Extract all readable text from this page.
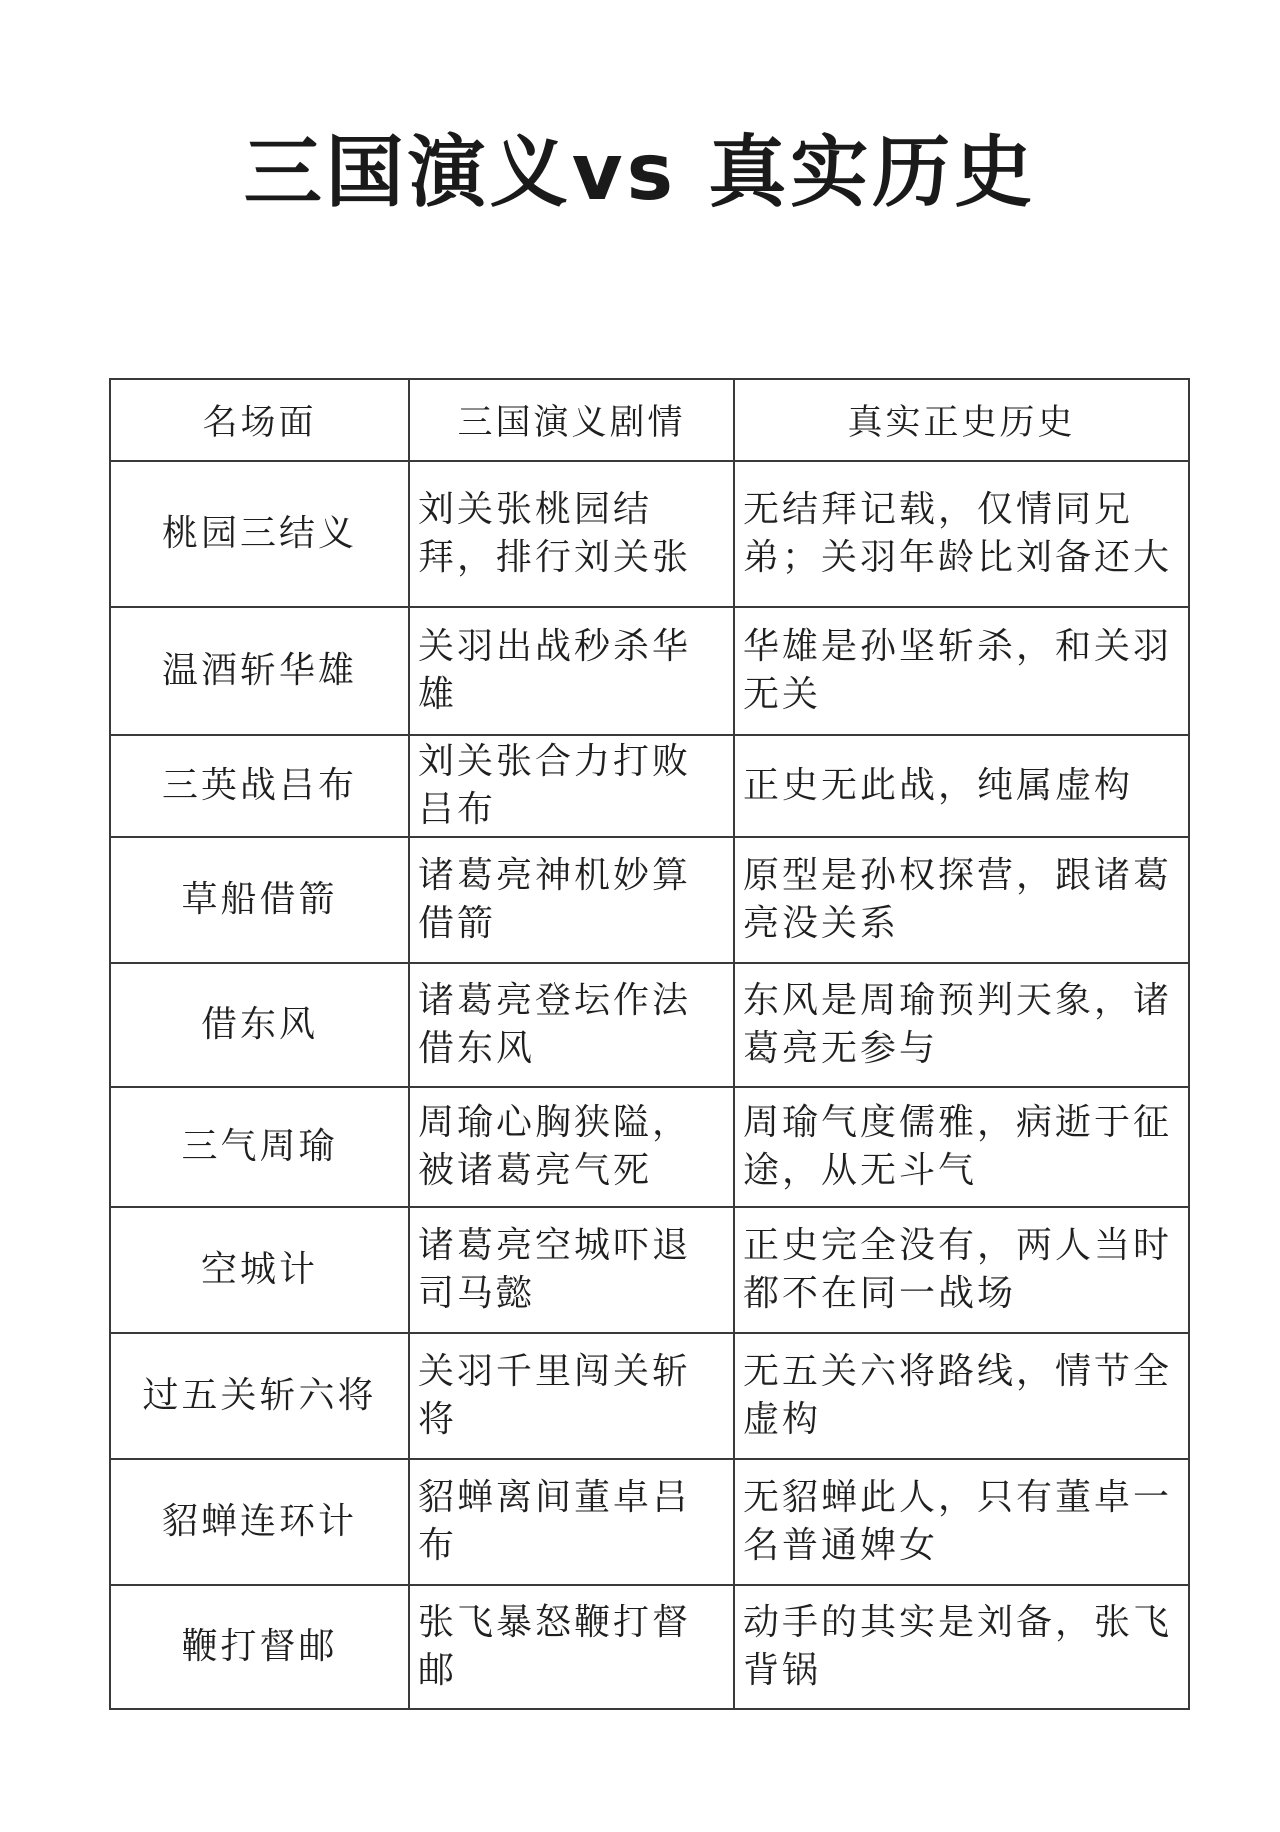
三国演义vs 真实历史
名场面	三国演义剧情	真实正史历史
桃园三结义	刘关张桃园结拜，排行刘关张	无结拜记载，仅情同兄弟；关羽年龄比刘备还大
温酒斩华雄	关羽出战秒杀华雄	华雄是孙坚斩杀，和关羽无关
三英战吕布	刘关张合力打败吕布	正史无此战，纯属虚构
草船借箭	诸葛亮神机妙算借箭	原型是孙权探营，跟诸葛亮没关系
借东风	诸葛亮登坛作法借东风	东风是周瑜预判天象，诸葛亮无参与
三气周瑜	周瑜心胸狭隘，被诸葛亮气死	周瑜气度儒雅，病逝于征途，从无斗气
空城计	诸葛亮空城吓退司马懿	正史完全没有，两人当时都不在同一战场
过五关斩六将	关羽千里闯关斩将	无五关六将路线，情节全虚构
貂蝉连环计	貂蝉离间董卓吕布	无貂蝉此人，只有董卓一名普通婢女
鞭打督邮	张飞暴怒鞭打督邮	动手的其实是刘备，张飞背锅
